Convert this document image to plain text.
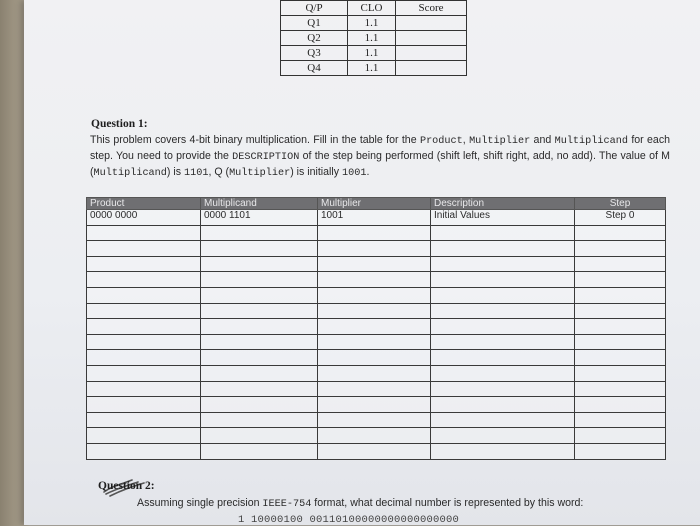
Q/P	CLO	Score
Q1	1.1	
Q2	1.1	
Q3	1.1	
Q4	1.1	
Question 1:
This problem covers 4-bit binary multiplication. Fill in the table for the Product, Multiplier and Multiplicand for each step. You need to provide the DESCRIPTION of the step being performed (shift left, shift right, add, no add). The value of M (Multiplicand) is 1101, Q (Multiplier) is initially 1001.
Product	Multiplicand	Multiplier	Description	Step
0000 0000	0000 1101	1001	Initial Values	Step 0

Question 2:
Assuming single precision IEEE-754 format, what decimal number is represented by this word:
1 10000100 00110100000000000000000
